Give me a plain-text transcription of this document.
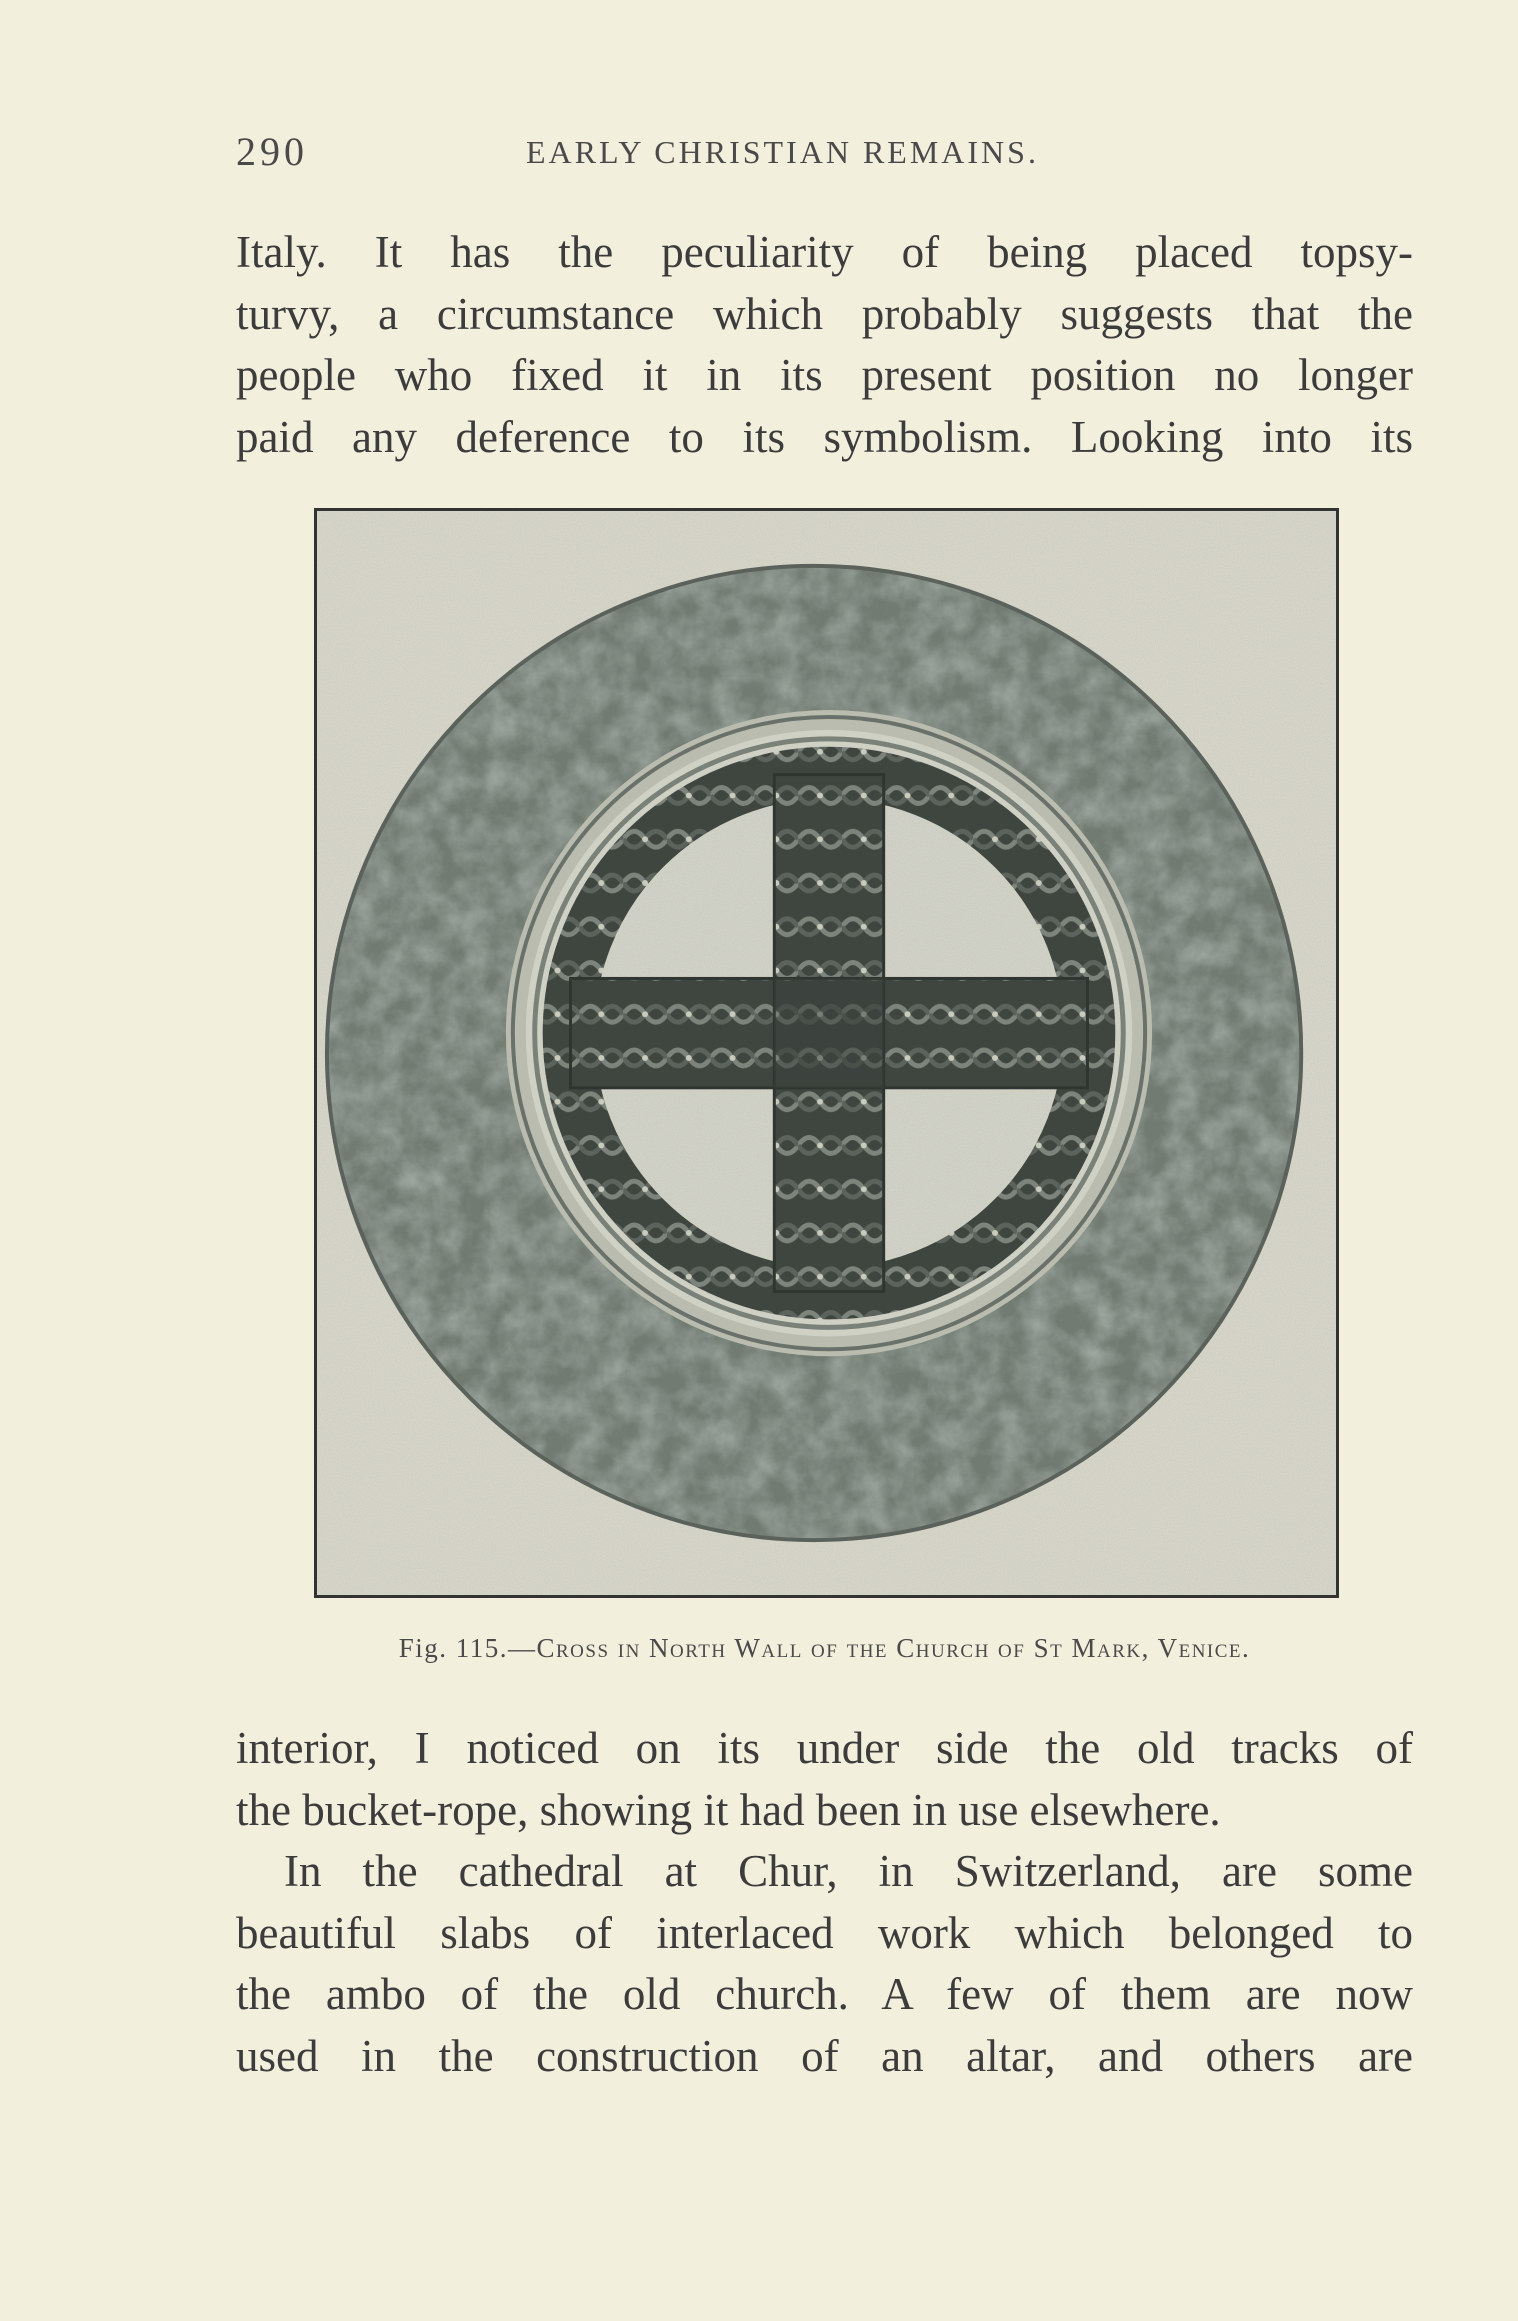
290	EARLY CHRISTIAN REMAINS.
Italy. It has the peculiarity of being placed topsy-
turvy, a circumstance which probably suggests that the
people who fixed it in its present position no longer
paid any deference to its symbolism. Looking into its
Fig. 115.—Cross in North Wall of the Church of St Mark, Venice.
interior, I noticed on its under side the old tracks of
the bucket-rope, showing it had been in use elsewhere.
In the cathedral at Chur, in Switzerland, are some
beautiful slabs of interlaced work which belonged to
the ambo of the old church. A few of them are now
used in the construction of an altar, and others are
